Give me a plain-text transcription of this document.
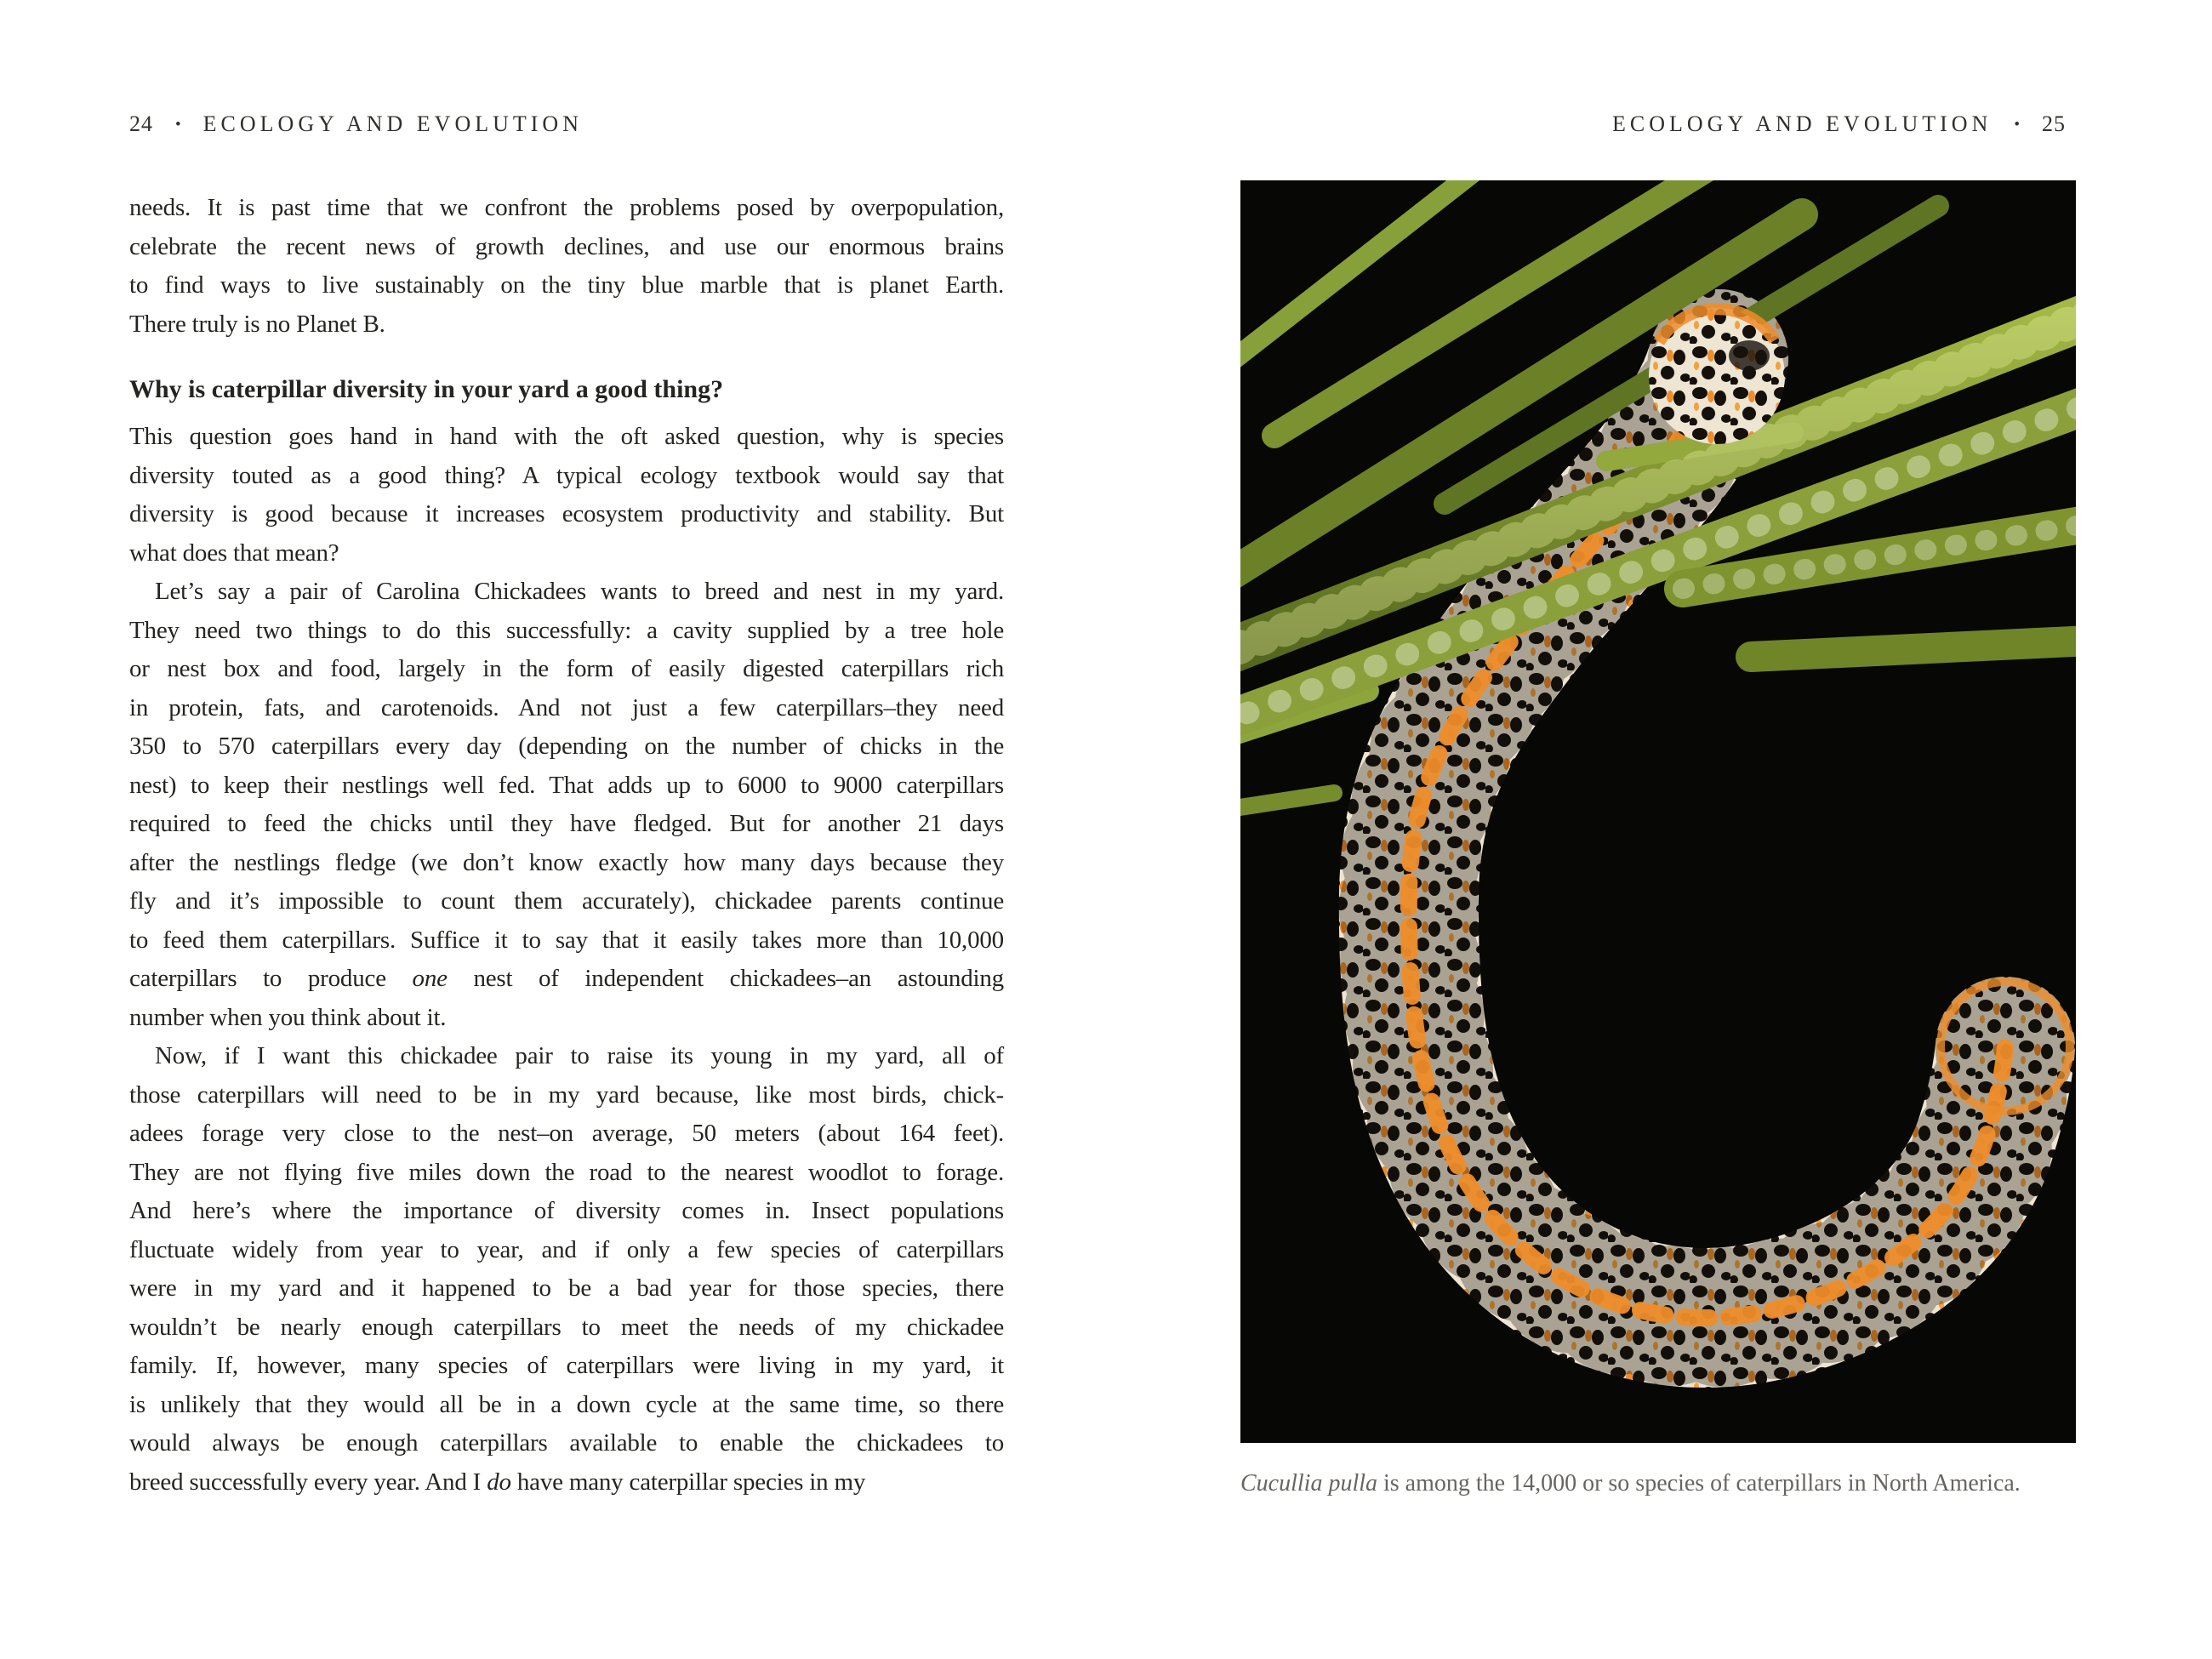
24 • ECOLOGY AND EVOLUTION	ECOLOGY AND EVOLUTION • 25
needs. It is past time that we confront the problems posed by overpopulation,
celebrate the recent news of growth declines, and use our enormous brains
to find ways to live sustainably on the tiny blue marble that is planet Earth.
There truly is no Planet B.
Why is caterpillar diversity in your yard a good thing?
This question goes hand in hand with the oft asked question, why is species
diversity touted as a good thing? A typical ecology textbook would say that
diversity is good because it increases ecosystem productivity and stability. But
what does that mean?
Let’s say a pair of Carolina Chickadees wants to breed and nest in my yard.
They need two things to do this successfully: a cavity supplied by a tree hole
or nest box and food, largely in the form of easily digested caterpillars rich
in protein, fats, and carotenoids. And not just a few caterpillars–they need
350 to 570 caterpillars every day (depending on the number of chicks in the
nest) to keep their nestlings well fed. That adds up to 6000 to 9000 caterpillars
required to feed the chicks until they have fledged. But for another 21 days
after the nestlings fledge (we don’t know exactly how many days because they
fly and it’s impossible to count them accurately), chickadee parents continue
to feed them caterpillars. Suffice it to say that it easily takes more than 10,000
caterpillars to produce one nest of independent chickadees–an astounding
number when you think about it.
Now, if I want this chickadee pair to raise its young in my yard, all of
those caterpillars will need to be in my yard because, like most birds, chick-
adees forage very close to the nest–on average, 50 meters (about 164 feet).
They are not flying five miles down the road to the nearest woodlot to forage.
And here’s where the importance of diversity comes in. Insect populations
fluctuate widely from year to year, and if only a few species of caterpillars
were in my yard and it happened to be a bad year for those species, there
wouldn’t be nearly enough caterpillars to meet the needs of my chickadee
family. If, however, many species of caterpillars were living in my yard, it
is unlikely that they would all be in a down cycle at the same time, so there
would always be enough caterpillars available to enable the chickadees to
breed successfully every year. And I do have many caterpillar species in my	Cucullia pulla is among the 14,000 or so species of caterpillars in North America.
